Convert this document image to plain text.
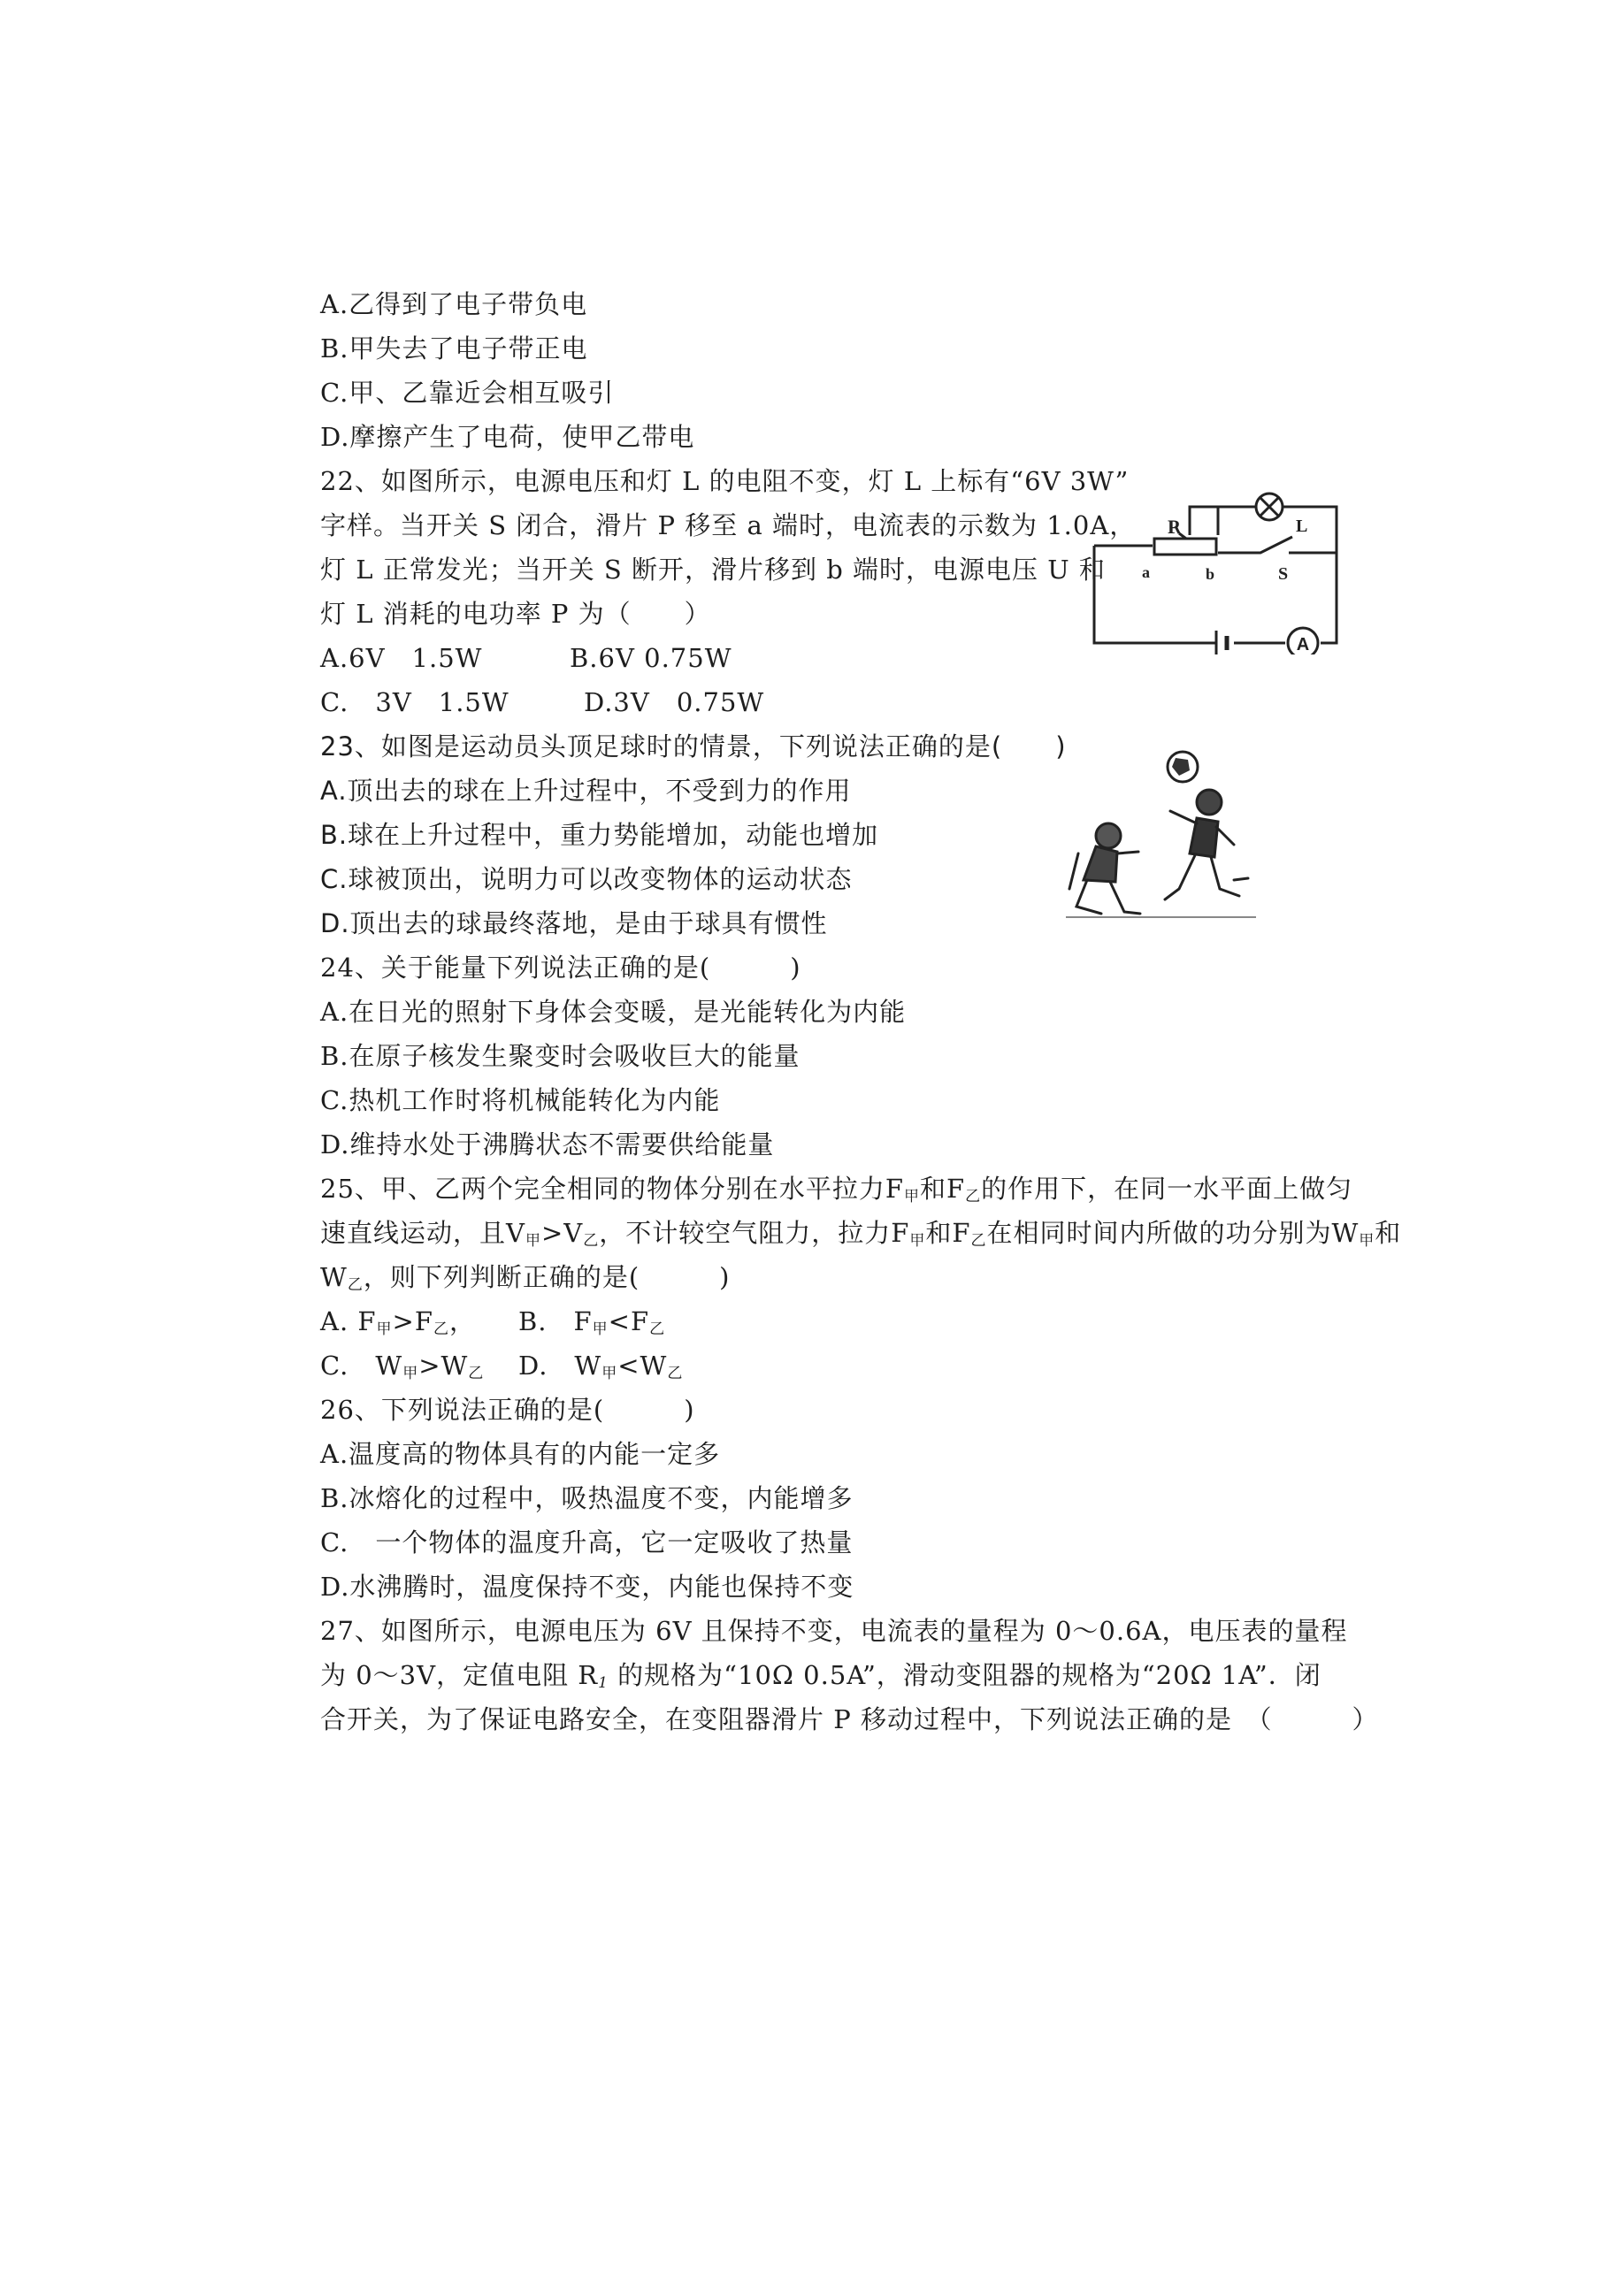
A.乙得到了电子带负电
B.甲失去了电子带正电
C.甲、乙靠近会相互吸引
D.摩擦产生了电荷，使甲乙带电
22、如图所示，电源电压和灯 L 的电阻不变，灯 L 上标有“6V 3W”
字样。当开关 S 闭合，滑片 P 移至 a 端时，电流表的示数为 1.0A，
灯 L 正常发光；当开关 S 断开，滑片移到 b 端时，电源电压 U 和
灯 L 消耗的电功率 P 为（　　）
A.6V　1.5W	B.6V 0.75W
C.　3V　1.5W	D.3V　0.75W
A
P
a	b	S
L
23、如图是运动员头顶足球时的情景，下列说法正确的是(　　)
A.顶出去的球在上升过程中，不受到力的作用
B.球在上升过程中，重力势能增加，动能也增加
C.球被顶出，说明力可以改变物体的运动状态
D.顶出去的球最终落地，是由于球具有惯性
24、关于能量下列说法正确的是(　　　)
A.在日光的照射下身体会变暖，是光能转化为内能
B.在原子核发生聚变时会吸收巨大的能量
C.热机工作时将机械能转化为内能
D.维持水处于沸腾状态不需要供给能量
25、甲、乙两个完全相同的物体分别在水平拉力$F_甲$和$F_乙$的作用下，在同一水平面上做匀
速直线运动，且$V_甲>V_乙$，不计较空气阻力，拉力$F_甲$和$F_乙$在相同时间内所做的功分别为$W_甲$和
$W_乙$，则下列判断正确的是(　　　)
A. $F_甲>F_乙$， B.　$F_甲<F_乙$
C.　$W_甲>W_乙$ D.　$W_甲<W_乙$
26、下列说法正确的是(　　　)
A.温度高的物体具有的内能一定多
B.冰熔化的过程中，吸热温度不变，内能增多
C.　一个物体的温度升高，它一定吸收了热量
D.水沸腾时，温度保持不变，内能也保持不变
27、如图所示，电源电压为 6V 且保持不变，电流表的量程为 0～0.6A，电压表的量程
为 0～3V，定值电阻 $R_1$ 的规格为“10Ω 0.5A”，滑动变阻器的规格为“20Ω 1A”．闭
合开关，为了保证电路安全，在变阻器滑片 P 移动过程中，下列说法正确的是　（　　　）
